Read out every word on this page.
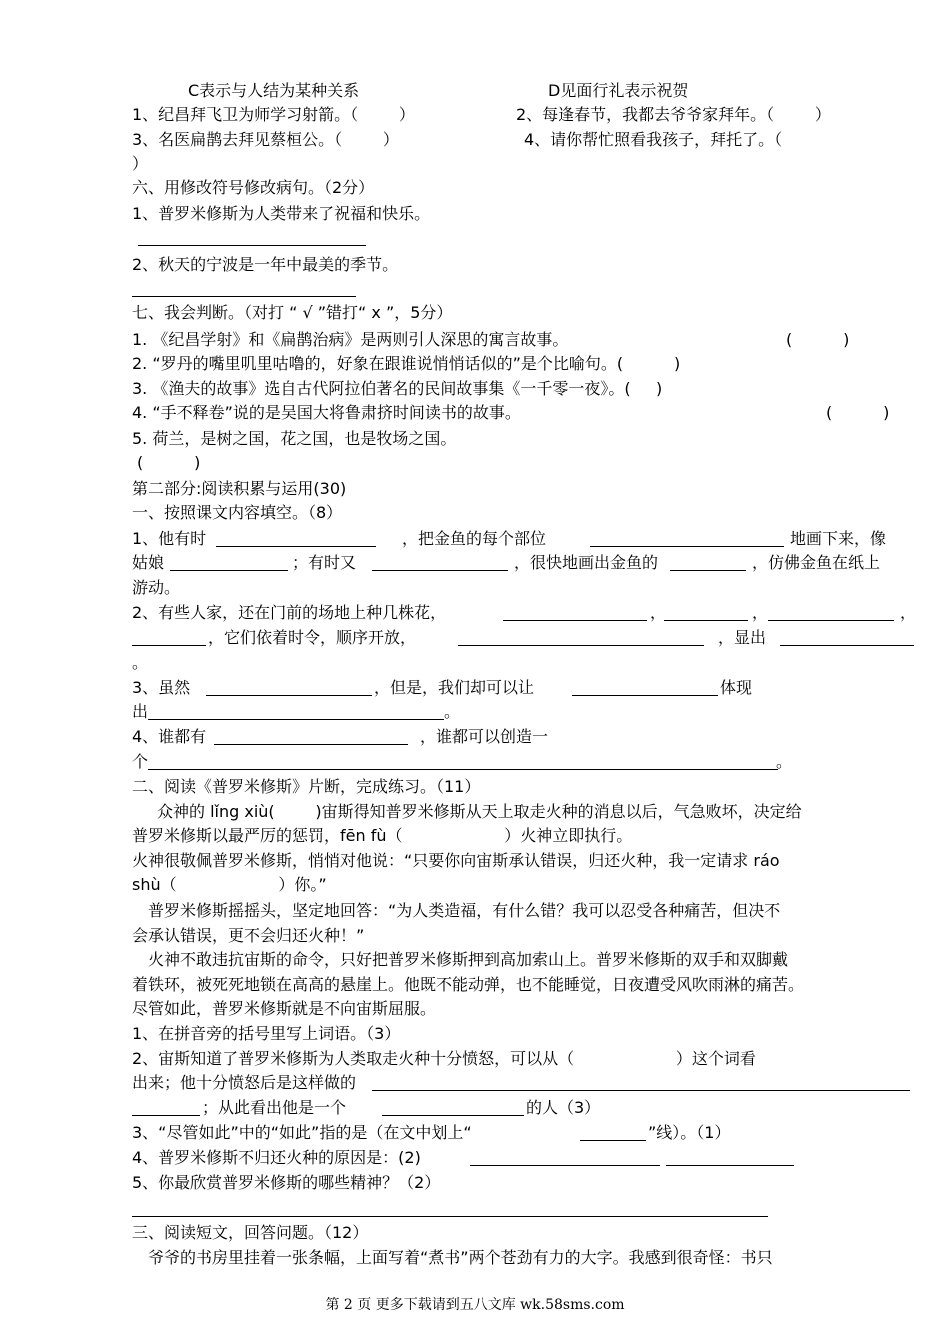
C表示与人结为某种关系	D见面行礼表示祝贺
1、纪昌拜飞卫为师学习射箭。（        ）	2、每逢春节，我都去爷爷家拜年。（        ）
3、名医扁鹊去拜见蔡桓公。（        ）	4、请你帮忙照看我孩子，拜托了。（
）
六、用修改符号修改病句。（2分）
1、普罗米修斯为人类带来了祝福和快乐。
2、秋天的宁波是一年中最美的季节。
七、我会判断。（对打 “ √ ”错打“ x ”，5分）
1. 《纪昌学射》和《扁鹊治病》是两则引人深思的寓言故事。	(          )
2. “罗丹的嘴里叽里咕噜的，好象在跟谁说悄悄话似的”是个比喻句。(          )
3. 《渔夫的故事》选自古代阿拉伯著名的民间故事集《一千零一夜》。(     )
4. “手不释卷”说的是吴国大将鲁肃挤时间读书的故事。	(          )
5. 荷兰，是树之国，花之国，也是牧场之国。
(          )
第二部分:阅读积累与运用(30)
一、按照课文内容填空。（8）
1、他有时	，把金鱼的每个部位	地画下来，像
姑娘	；有时又	，很快地画出金鱼的	，仿佛金鱼在纸上
游动。
2、有些人家，还在门前的场地上种几株花，	，	，	，
，它们依着时令，顺序开放，	，显出
。
3、虽然	，但是，我们却可以让	体现
出	。
4、谁都有	，谁都可以创造一
个	。
二、阅读《普罗米修斯》片断，完成练习。（11）
众神的 lǐng xiù(        )宙斯得知普罗米修斯从天上取走火种的消息以后，气急败坏，决定给
普罗米修斯以最严厉的惩罚，fēn fù（                    ）火神立即执行。
火神很敬佩普罗米修斯，悄悄对他说：“只要你向宙斯承认错误，归还火种，我一定请求 ráo
shù（                    ）你。”
普罗米修斯摇摇头，坚定地回答：“为人类造福，有什么错？我可以忍受各种痛苦，但决不
会承认错误，更不会归还火种！”
火神不敢违抗宙斯的命令，只好把普罗米修斯押到高加索山上。普罗米修斯的双手和双脚戴
着铁环，被死死地锁在高高的悬崖上。他既不能动弹，也不能睡觉，日夜遭受风吹雨淋的痛苦。
尽管如此，普罗米修斯就是不向宙斯屈服。
1、在拼音旁的括号里写上词语。（3）
2、宙斯知道了普罗米修斯为人类取走火种十分愤怒，可以从（                    ）这个词看
出来；他十分愤怒后是这样做的
；从此看出他是一个	的人（3）
3、“尽管如此”中的“如此”指的是（在文中划上“	”线）。（1）
4、普罗米修斯不归还火种的原因是：(2)
5、你最欣赏普罗米修斯的哪些精神？（2）
三、阅读短文，回答问题。（12）
爷爷的书房里挂着一张条幅，上面写着“煮书”两个苍劲有力的大字。我感到很奇怪：书只
第 2 页 更多下载请到五八文库 wk.58sms.com
